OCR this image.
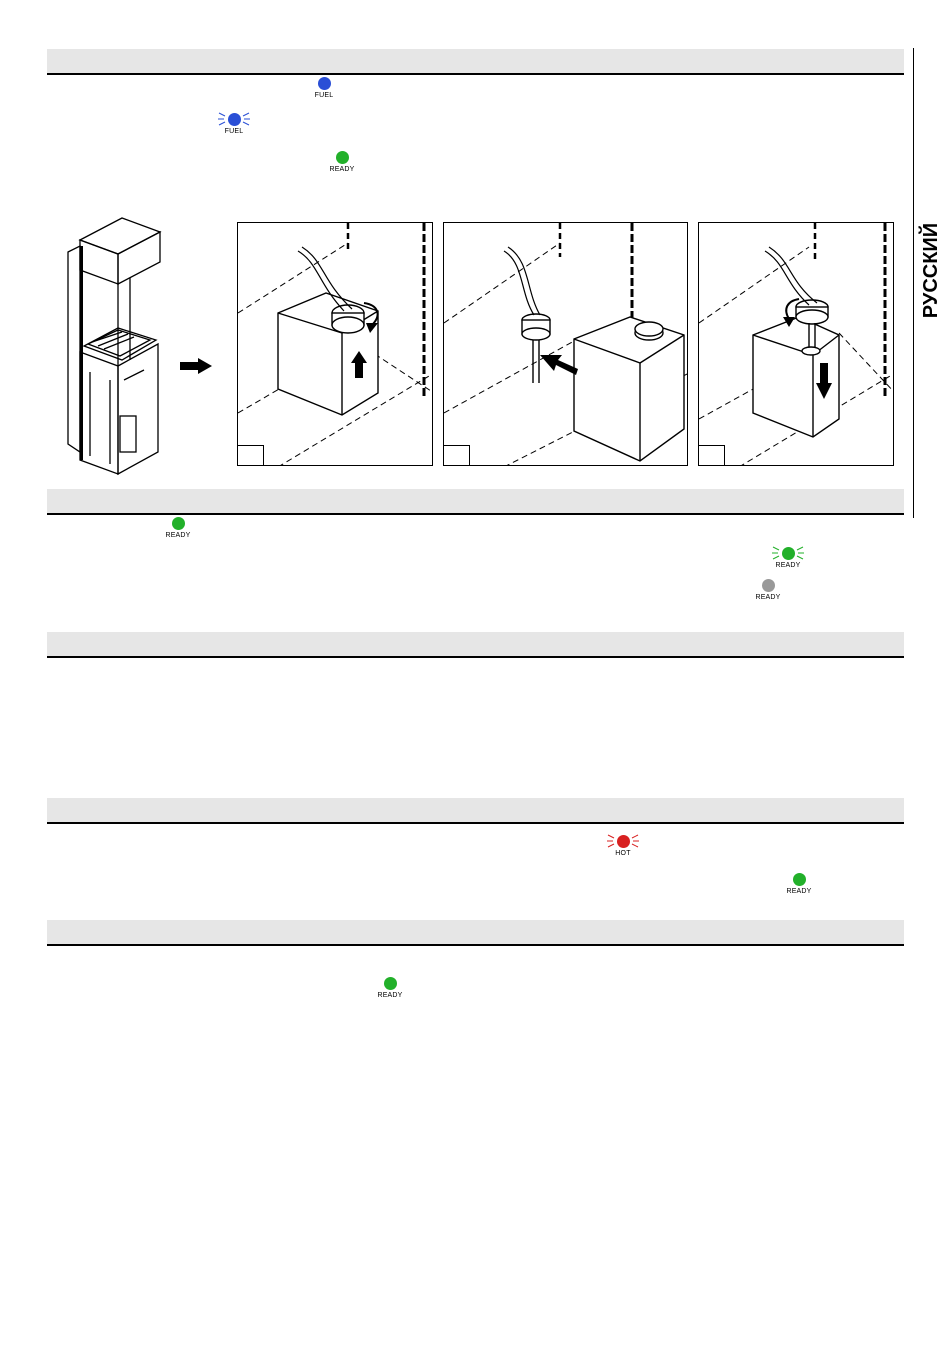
РУССКИЙ
FUEL
FUEL
READY
READY
READY
READY
HOT
READY
READY
